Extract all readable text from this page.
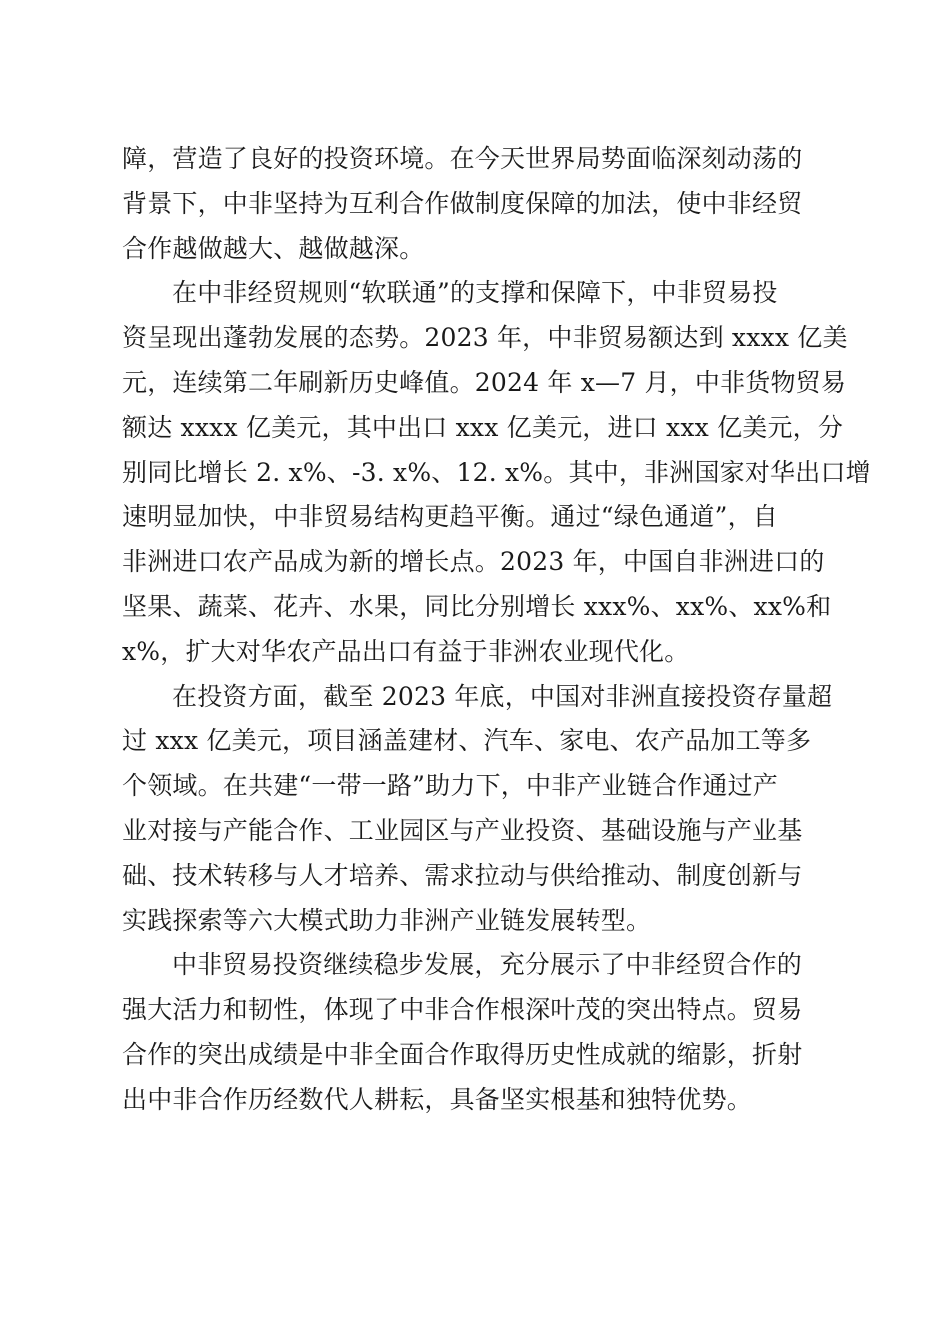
障，营造了良好的投资环境。在今天世界局势面临深刻动荡的
背景下，中非坚持为互利合作做制度保障的加法，使中非经贸
合作越做越大、越做越深。
在中非经贸规则“软联通”的支撑和保障下，中非贸易投
资呈现出蓬勃发展的态势。2023 年，中非贸易额达到 xxxx 亿美
元，连续第二年刷新历史峰值。2024 年 x—7 月，中非货物贸易
额达 xxxx 亿美元，其中出口 xxx 亿美元，进口 xxx 亿美元，分
别同比增长 2. x%、-3. x%、12. x%。其中，非洲国家对华出口增
速明显加快，中非贸易结构更趋平衡。通过“绿色通道”，自
非洲进口农产品成为新的增长点。2023 年，中国自非洲进口的
坚果、蔬菜、花卉、水果，同比分别增长 xxx%、xx%、xx%和
x%，扩大对华农产品出口有益于非洲农业现代化。
在投资方面，截至 2023 年底，中国对非洲直接投资存量超
过 xxx 亿美元，项目涵盖建材、汽车、家电、农产品加工等多
个领域。在共建“一带一路”助力下，中非产业链合作通过产
业对接与产能合作、工业园区与产业投资、基础设施与产业基
础、技术转移与人才培养、需求拉动与供给推动、制度创新与
实践探索等六大模式助力非洲产业链发展转型。
中非贸易投资继续稳步发展，充分展示了中非经贸合作的
强大活力和韧性，体现了中非合作根深叶茂的突出特点。贸易
合作的突出成绩是中非全面合作取得历史性成就的缩影，折射
出中非合作历经数代人耕耘，具备坚实根基和独特优势。
